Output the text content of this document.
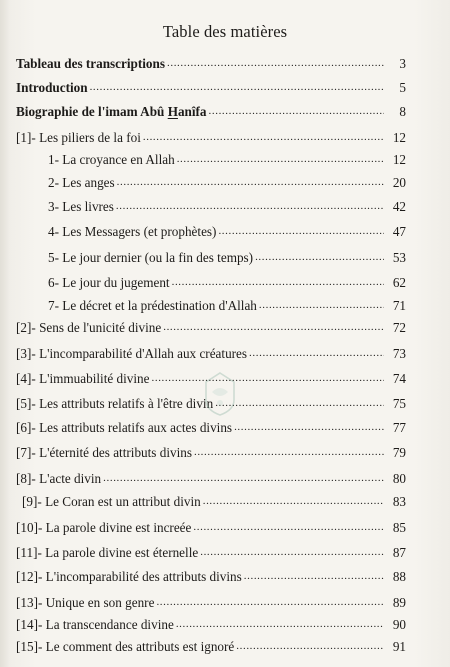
Table des matières
Tableau des transcriptions .....	3
Introduction .....	5
Biographie de l'imam Abû Hanîfa .....	8
[1]- Les piliers de la foi .....	12
1- La croyance en Allah .....	12
2- Les anges .....	20
3- Les livres .....	42
4- Les Messagers (et prophètes) .....	47
5- Le jour dernier (ou la fin des temps) .....	53
6- Le jour du jugement .....	62
7- Le décret et la prédestination d'Allah .....	71
[2]- Sens de l'unicité divine .....	72
[3]- L'incomparabilité d'Allah aux créatures .....	73
[4]- L'immuabilité divine .....	74
[5]- Les attributs relatifs à l'être divin .....	75
[6]- Les attributs relatifs aux actes divins .....	77
[7]- L'éternité des attributs divins .....	79
[8]- L'acte divin .....	80
[9]- Le Coran est un attribut divin .....	83
[10]- La parole divine est increée .....	85
[11]- La parole divine est éternelle .....	87
[12]- L'incomparabilité des attributs divins .....	88
[13]- Unique en son genre .....	89
[14]- La transcendance divine .....	90
[15]- Le comment des attributs est ignoré .....	91
